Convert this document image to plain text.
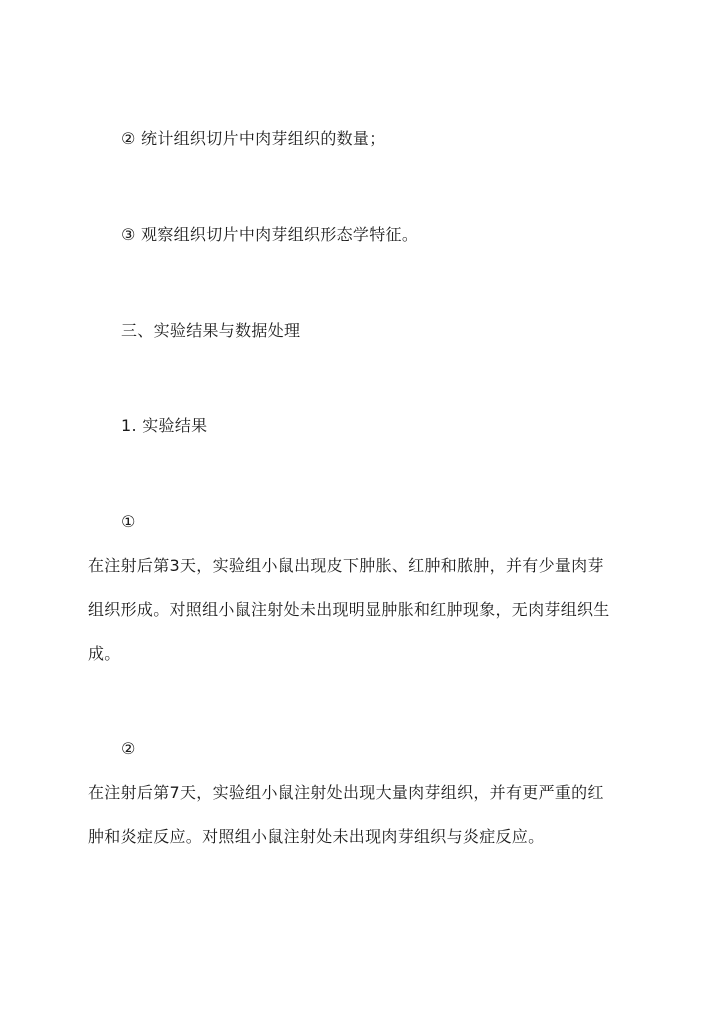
② 统计组织切片中肉芽组织的数量；
③ 观察组织切片中肉芽组织形态学特征。
三、实验结果与数据处理
1. 实验结果
①
在注射后第3天，实验组小鼠出现皮下肿胀、红肿和脓肿，并有少量肉芽
组织形成。对照组小鼠注射处未出现明显肿胀和红肿现象，无肉芽组织生
成。
②
在注射后第7天，实验组小鼠注射处出现大量肉芽组织，并有更严重的红
肿和炎症反应。对照组小鼠注射处未出现肉芽组织与炎症反应。
